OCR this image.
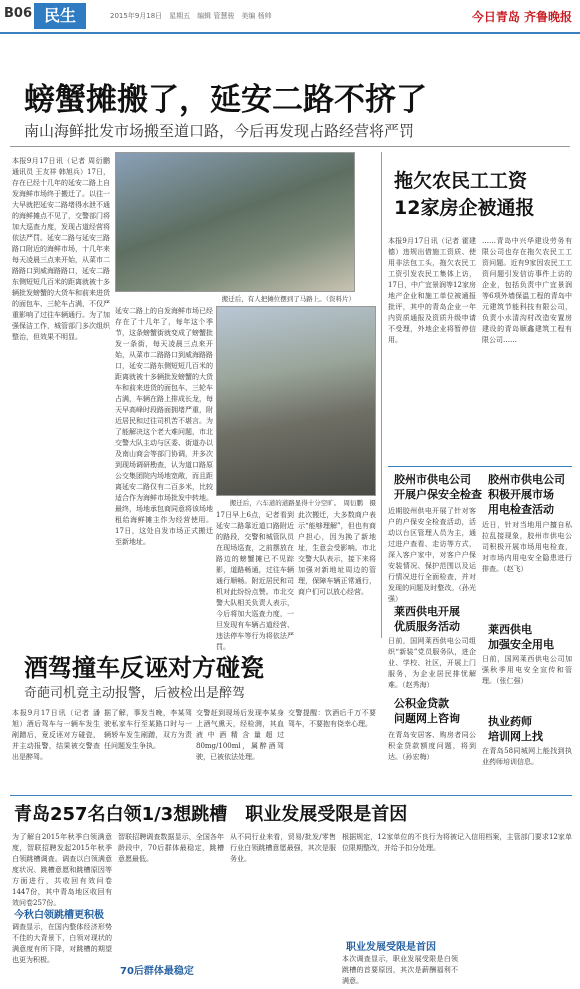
B06 民生	2015年9月18日　星期五　编辑 管慧骏　美编 杨帅	今日青岛 齐鲁晚报
螃蟹摊搬了，延安二路不挤了
南山海鲜批发市场搬至道口路，今后再发现占路经营将严罚
本报9月17日讯（记者 周衍鹏 通讯员 王友祥 韩旭兵）17日，存在已经十几年的延安二路上自发海鲜市场终于搬迁了。以往一大早就把延安二路堵得水泄不通的海鲜摊点不见了，交警部门将加大巡查力度，发现占道经营将依法严罚。延安二路与延安三路路口附近的海鲜市场，十几年来每天凌晨三点来开始，从菜市二路路口到威海路路口，延安二路东侧短短几百米的距离就被十多辆批发螃蟹的大货车和前来进货的面包车、三轮车占满，不仅严重影响了过往车辆通行。为了加强保洁工作，城管部门多次组织整治，但效果不明显。
搬迁后，有人把摊位摆到了马路上。（资料片）
延安二路上的自发海鲜市场已经存在了十几年了，每年这个季节，这条螃蟹街就变成了螃蟹批发一条街，每天凌晨三点来开始，从菜市二路路口到威海路路口，延安二路东侧短短几百米的距离就被十多辆批发螃蟹的大货车和前来进货的面包车、三轮车占满，车辆在路上排成长龙，每天早高峰时段路面拥堵严重，附近居民和过往司机苦不堪言。为了能解决这个老大难问题，市北交警大队主动与区委、街道办以及南山商会等部门协调，并多次到现场调研勘查，认为道口路原公交集团院内场地宽敞，而且距离延安二路仅有二百多米，比较适合作为海鲜市场批发中转地。最终，场地承包商同意将该场地租给海鲜摊主作为经营使用。17日，这处自发市场正式搬迁至新地址。
搬迁后，六车道的道路显得十分空旷。　周衍鹏　摄
17日早上6点，记者看到延安二路靠近道口路附近的路段，交警和城管队员在现场巡查，之前摆放在路边的螃蟹摊已不见踪影，道路畅通，过往车辆通行顺畅。附近居民和司机对此纷纷点赞。市北交警大队相关负责人表示，今后将加大巡查力度，一旦发现有车辆占道经营、违法停车等行为将依法严罚。
此次搬迁，大多数商户表示“能够理解”，但也有商户担心，因为换了新地址，生意会受影响。市北交警大队表示，接下来将加强对新地址周边的管理，保障车辆正常通行，商户们可以放心经营。
拖欠农民工工资
12家房企被通报
本报9月17日讯（记者 霍建德）违规出借施工资质、使用非法包工头，拖欠农民工工资引发农民工集体上访，17日，中广宜景润等12家房地产企业和施工单位被通报批评，其中的青岛企业一年内资质通报及资质升级申请不受理，外地企业将暂停信用。
……青岛中兴华建设劳务有限公司也存在拖欠农民工工资问题。近有9家因农民工工资问题引发信访事件上访的企业，包括负责中广宜景润等6项外墙保温工程的青岛中元建筑节能科技有限公司，负责小水清沟村改造安置房建设的青岛顺鑫建筑工程有限公司……
胶州市供电公司
开展户保安全检查
近期胶州供电开展了针对客户的户保安全检查活动，活动以台区管理人员为主，通过进户查看、走访等方式，深入客户家中，对客户户保安装情况、保护范围以及运行情况进行全面检查，并对发现的问题及时整改。（孙光强）
莱西供电开展
优质服务活动
胶州市供电公司
积极开展市场
用电检查活动
近日，针对当地用户擅自私拉乱接现象，胶州市供电公司积极开展市场用电检查，对市场内用电安全隐患进行排查。（赵飞）
酒驾撞车反诬对方碰瓷
奇葩司机竟主动报警，后被检出是醉驾
本报9月17日讯（记者 潘旭）酒后驾车与一辆车发生剐蹭后，竟反诬对方碰瓷，并主动报警，结果被交警查出是醉驾。
据了解，事发当晚，李某驾驶私家车行至某路口时与一辆轿车发生剐蹭，双方为责任问题发生争执。
交警赶到现场后发现李某身上酒气熏天，经检测，其血液中酒精含量超过80mg/100ml，属醉酒驾驶，已被依法处理。
交警提醒：饮酒后千万不要驾车，不要抱有侥幸心理。
日前，国网莱西供电公司组织“新装”党员服务队，进企业、学校、社区，开展上门服务，为企业居民排忧解难。（赵秀海）
公积金贷款
问题网上咨询
在青岛安居客、购房者同公积金贷款额度问题，将到达。（孙宏梅）
莱西供电
加强安全用电
日前，国网莱西供电公司加强秋季用电安全宣传和管理。（张仁强）
执业药师
培训网上找
在青岛58同城网上能找到执业药师培训信息。
青岛257名白领1/3想跳槽　职业发展受限是首因
为了解自2015年秋季白领满意度，智联招聘发起2015年秋季白领跳槽调查。调查以白领满意度状况、跳槽意愿和跳槽原因等方面进行，共收回有效问卷1447份，其中青岛地区收回有效问卷257份。
今秋白领跳槽更积极
调查显示，在国内整体经济形势不佳的大背景下，白领对现状的满意度有所下降，对跳槽的期望也更为积极。
智联招聘调查数据显示，全国各年龄段中，70后群体最稳定，跳槽意愿最低。
70后群体最稳定
从不同行业来看，贸易/批发/零售行业白领跳槽意愿最强，其次是服务业。
职业发展受限是首因
本次调查显示，职业发展受限是白领跳槽的首要原因，其次是薪酬福利不满意。
根据规定，12家单位的不良行为将被记入信用档案，主管部门要求12家单位限期整改，并给予扣分处理。
